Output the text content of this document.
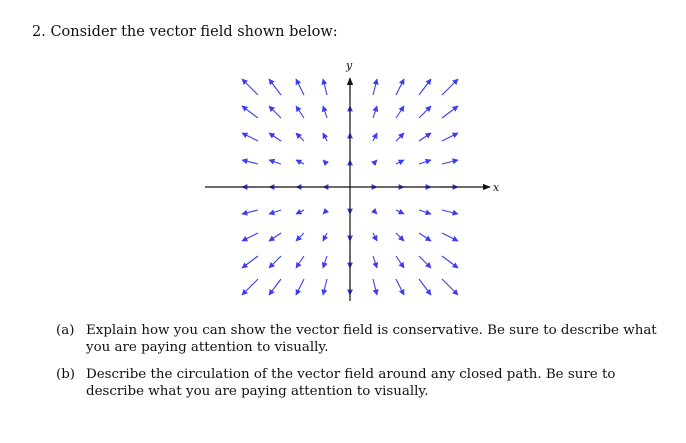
2. Consider the vector field shown below:
x
y
(a) Explain how you can show the vector field is conservative. Be sure to describe what you are paying attention to visually.
(b) Describe the circulation of the vector field around any closed path. Be sure to describe what you are paying attention to visually.
